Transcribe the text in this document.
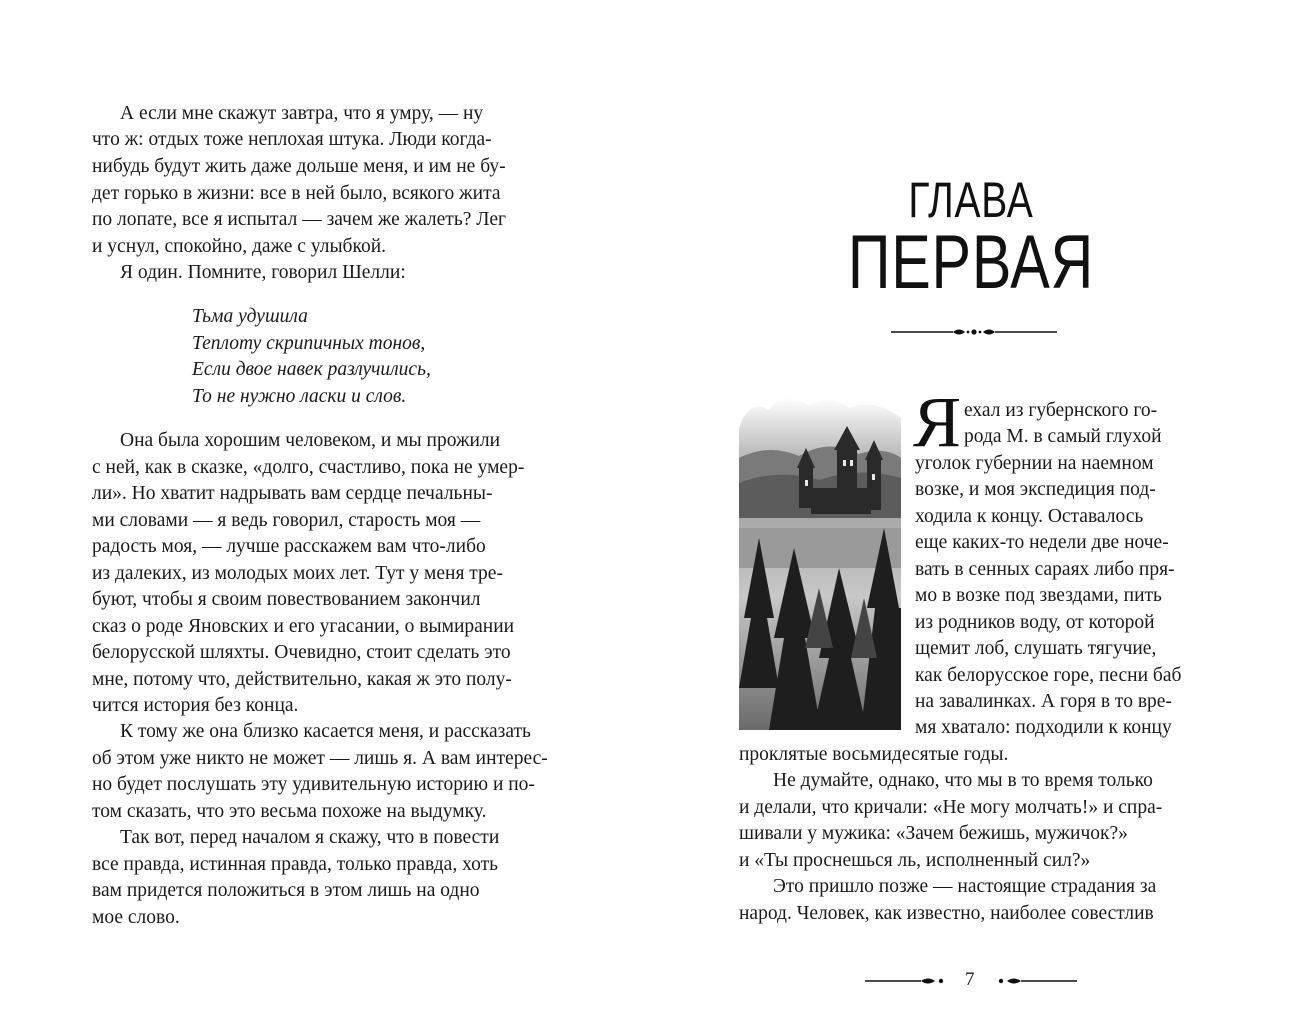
А если мне скажут завтра, что я умру, — ну
что ж: отдых тоже неплохая штука. Люди когда-
нибудь будут жить даже дольше меня, и им не бу-
дет горько в жизни: все в ней было, всякого жита
по лопате, все я испытал — зачем же жалеть? Лег
и уснул, спокойно, даже с улыбкой.
Я один. Помните, говорил Шелли:
Тьма удушила
Теплоту скрипичных тонов,
Если двое навек разлучились,
То не нужно ласки и слов.
Она была хорошим человеком, и мы прожили
с ней, как в сказке, «долго, счастливо, пока не умер-
ли». Но хватит надрывать вам сердце печальны-
ми словами — я ведь говорил, старость моя —
радость моя, — лучше расскажем вам что-либо
из далеких, из молодых моих лет. Тут у меня тре-
буют, чтобы я своим повествованием закончил
сказ о роде Яновских и его угасании, о вымирании
белорусской шляхты. Очевидно, стоит сделать это
мне, потому что, действительно, какая ж это полу-
чится история без конца.
К тому же она близко касается меня, и рассказать
об этом уже никто не может — лишь я. А вам интерес-
но будет послушать эту удивительную историю и по-
том сказать, что это весьма похоже на выдумку.
Так вот, перед началом я скажу, что в повести
все правда, истинная правда, только правда, хоть
вам придется положиться в этом лишь на одно
мое слово.
ГЛАВА
ПЕРВАЯ
Я ехал из губернского го-
рода М. в самый глухой
уголок губернии на наемном
возке, и моя экспедиция под-
ходила к концу. Оставалось
еще каких-то недели две ноче-
вать в сенных сараях либо пря-
мо в возке под звездами, пить
из родников воду, от которой
щемит лоб, слушать тягучие,
как белорусское горе, песни баб
на завалинках. А горя в то вре-
мя хватало: подходили к концу
проклятые восьмидесятые годы.
Не думайте, однако, что мы в то время только
и делали, что кричали: «Не могу молчать!» и спра-
шивали у мужика: «Зачем бежишь, мужичок?»
и «Ты проснешься ль, исполненный сил?»
Это пришло позже — настоящие страдания за
народ. Человек, как известно, наиболее совестлив
7
